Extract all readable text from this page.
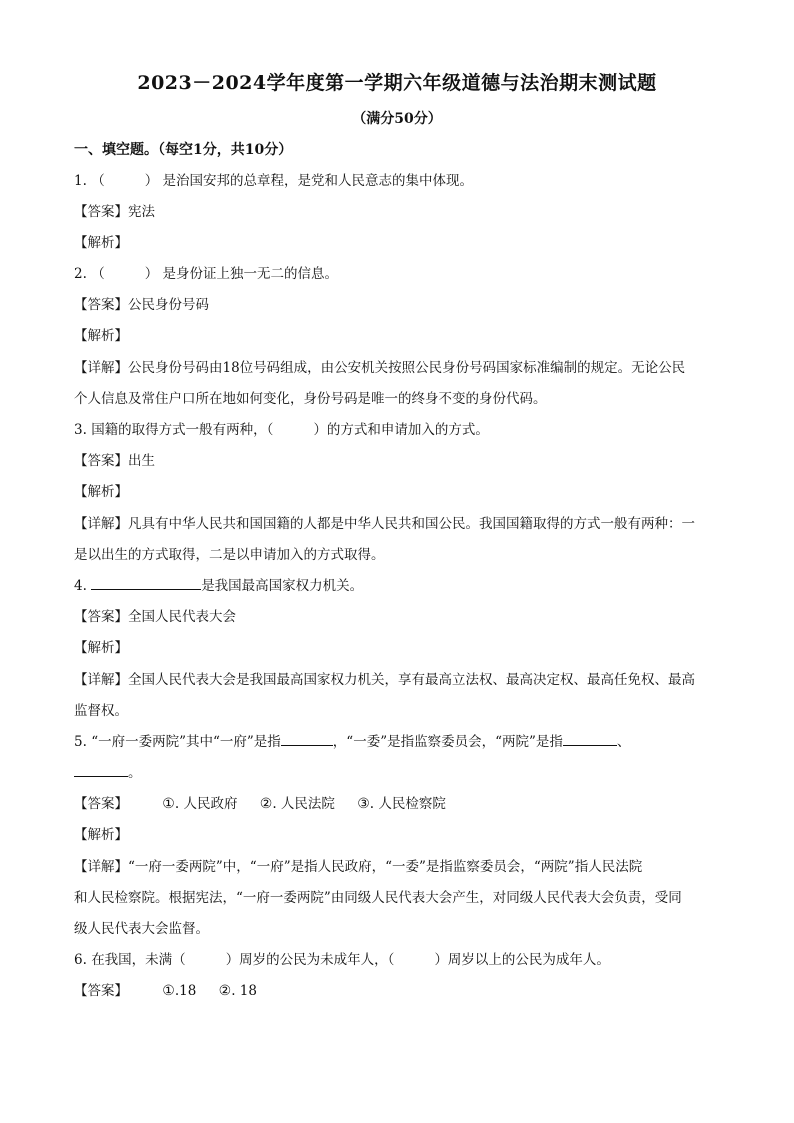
2023－2024学年度第一学期六年级道德与法治期末测试题
（满分50分）
一、填空题。（每空1分，共10分）
1. （	） 是治国安邦的总章程，是党和人民意志的集中体现。
【答案】宪法
【解析】
2. （	） 是身份证上独一无二的信息。
【答案】公民身份号码
【解析】
【详解】公民身份号码由18位号码组成，由公安机关按照公民身份号码国家标准编制的规定。无论公民
个人信息及常住户口所在地如何变化，身份号码是唯一的终身不变的身份代码。
3. 国籍的取得方式一般有两种，（	）的方式和申请加入的方式。
【答案】出生
【解析】
【详解】凡具有中华人民共和国国籍的人都是中华人民共和国公民。我国国籍取得的方式一般有两种：一
是以出生的方式取得，二是以申请加入的方式取得。
4.	是我国最高国家权力机关。
【答案】全国人民代表大会
【解析】
【详解】全国人民代表大会是我国最高国家权力机关，享有最高立法权、最高决定权、最高任免权、最高
监督权。
5. “一府一委两院”其中“一府”是指	，“一委”是指监察委员会，“两院”是指	、
。
【答案】 ①. 人民政府 ②. 人民法院 ③. 人民检察院
【解析】
【详解】“一府一委两院”中，“一府”是指人民政府，“一委”是指监察委员会，“两院”指人民法院
和人民检察院。根据宪法，“一府一委两院”由同级人民代表大会产生，对同级人民代表大会负责，受同
级人民代表大会监督。
6. 在我国，未满（	）周岁的公民为未成年人，（	）周岁以上的公民为成年人。
【答案】 ①.18 ②. 18
